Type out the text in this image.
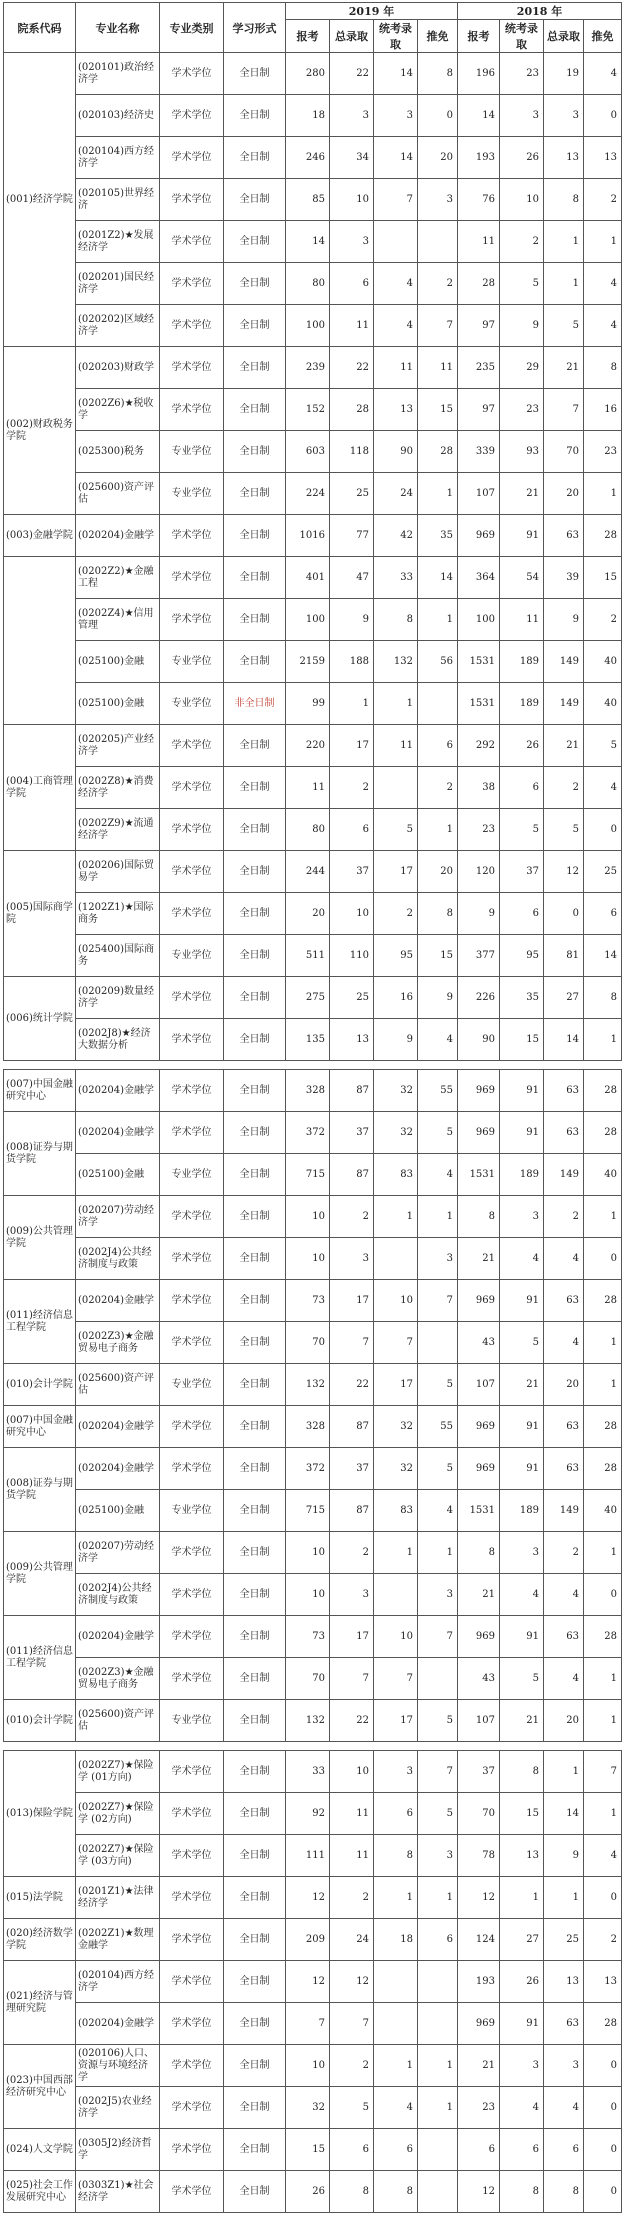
院系代码	专业名称	专业类别	学习形式	2019 年				2018 年			
				报考	总录取	统考录取	推免	报考	统考录取	总录取	推免
(001)经济学院	(020101)政治经济学	学术学位	全日制	280	22	14	8	196	23	19	4
	(020103)经济史	学术学位	全日制	18	3	3	0	14	3	3	0
	(020104)西方经济学	学术学位	全日制	246	34	14	20	193	26	13	13
	(020105)世界经济	学术学位	全日制	85	10	7	3	76	10	8	2
	(0201Z2)★发展经济学	学术学位	全日制	14	3			11	2	1	1
	(020201)国民经济学	学术学位	全日制	80	6	4	2	28	5	1	4
	(020202)区域经济学	学术学位	全日制	100	11	4	7	97	9	5	4
(002)财政税务学院	(020203)财政学	学术学位	全日制	239	22	11	11	235	29	21	8
	(0202Z6)★税收学	学术学位	全日制	152	28	13	15	97	23	7	16
	(025300)税务	专业学位	全日制	603	118	90	28	339	93	70	23
	(025600)资产评估	专业学位	全日制	224	25	24	1	107	21	20	1
(003)金融学院	(020204)金融学	学术学位	全日制	1016	77	42	35	969	91	63	28
	(0202Z2)★金融工程	学术学位	全日制	401	47	33	14	364	54	39	15
	(0202Z4)★信用管理	学术学位	全日制	100	9	8	1	100	11	9	2
	(025100)金融	专业学位	全日制	2159	188	132	56	1531	189	149	40
	(025100)金融	专业学位	非全日制	99	1	1		1531	189	149	40
(004)工商管理学院	(020205)产业经济学	学术学位	全日制	220	17	11	6	292	26	21	5
	(0202Z8)★消费经济学	学术学位	全日制	11	2		2	38	6	2	4
	(0202Z9)★流通经济学	学术学位	全日制	80	6	5	1	23	5	5	0
(005)国际商学院	(020206)国际贸易学	学术学位	全日制	244	37	17	20	120	37	12	25
	(1202Z1)★国际商务	学术学位	全日制	20	10	2	8	9	6	0	6
	(025400)国际商务	专业学位	全日制	511	110	95	15	377	95	81	14
(006)统计学院	(020209)数量经济学	学术学位	全日制	275	25	16	9	226	35	27	8
	(0202J8)★经济大数据分析	学术学位	全日制	135	13	9	4	90	15	14	1

(007)中国金融研究中心	(020204)金融学	学术学位	全日制	328	87	32	55	969	91	63	28
(008)证券与期货学院	(020204)金融学	学术学位	全日制	372	37	32	5	969	91	63	28
	(025100)金融	专业学位	全日制	715	87	83	4	1531	189	149	40
(009)公共管理学院	(020207)劳动经济学	学术学位	全日制	10	2	1	1	8	3	2	1
	(0202J4)公共经济制度与政策	学术学位	全日制	10	3		3	21	4	4	0
(011)经济信息工程学院	(020204)金融学	学术学位	全日制	73	17	10	7	969	91	63	28
	(0202Z3)★金融贸易电子商务	学术学位	全日制	70	7	7		43	5	4	1
(010)会计学院	(025600)资产评估	专业学位	全日制	132	22	17	5	107	21	20	1
(007)中国金融研究中心	(020204)金融学	学术学位	全日制	328	87	32	55	969	91	63	28
(008)证券与期货学院	(020204)金融学	学术学位	全日制	372	37	32	5	969	91	63	28
	(025100)金融	专业学位	全日制	715	87	83	4	1531	189	149	40
(009)公共管理学院	(020207)劳动经济学	学术学位	全日制	10	2	1	1	8	3	2	1
	(0202J4)公共经济制度与政策	学术学位	全日制	10	3		3	21	4	4	0
(011)经济信息工程学院	(020204)金融学	学术学位	全日制	73	17	10	7	969	91	63	28
	(0202Z3)★金融贸易电子商务	学术学位	全日制	70	7	7		43	5	4	1
(010)会计学院	(025600)资产评估	专业学位	全日制	132	22	17	5	107	21	20	1

(013)保险学院	(0202Z7)★保险学 (01方向)	学术学位	全日制	33	10	3	7	37	8	1	7
	(0202Z7)★保险学 (02方向)	学术学位	全日制	92	11	6	5	70	15	14	1
	(0202Z7)★保险学 (03方向)	学术学位	全日制	111	11	8	3	78	13	9	4
(015)法学院	(0201Z1)★法律经济学	学术学位	全日制	12	2	1	1	12	1	1	0
(020)经济数学学院	(0202Z1)★数理金融学	学术学位	全日制	209	24	18	6	124	27	25	2
(021)经济与管理研究院	(020104)西方经济学	学术学位	全日制	12	12			193	26	13	13
	(020204)金融学	学术学位	全日制	7	7			969	91	63	28
(023)中国西部经济研究中心	(020106)人口、资源与环境经济学	学术学位	全日制	10	2	1	1	21	3	3	0
	(0202J5)农业经济学	学术学位	全日制	32	5	4	1	23	4	4	0
(024)人文学院	(0305J2)经济哲学	学术学位	全日制	15	6	6		6	6	6	0
(025)社会工作发展研究中心	(0303Z1)★社会经济学	学术学位	全日制	26	8	8		12	8	8	0
